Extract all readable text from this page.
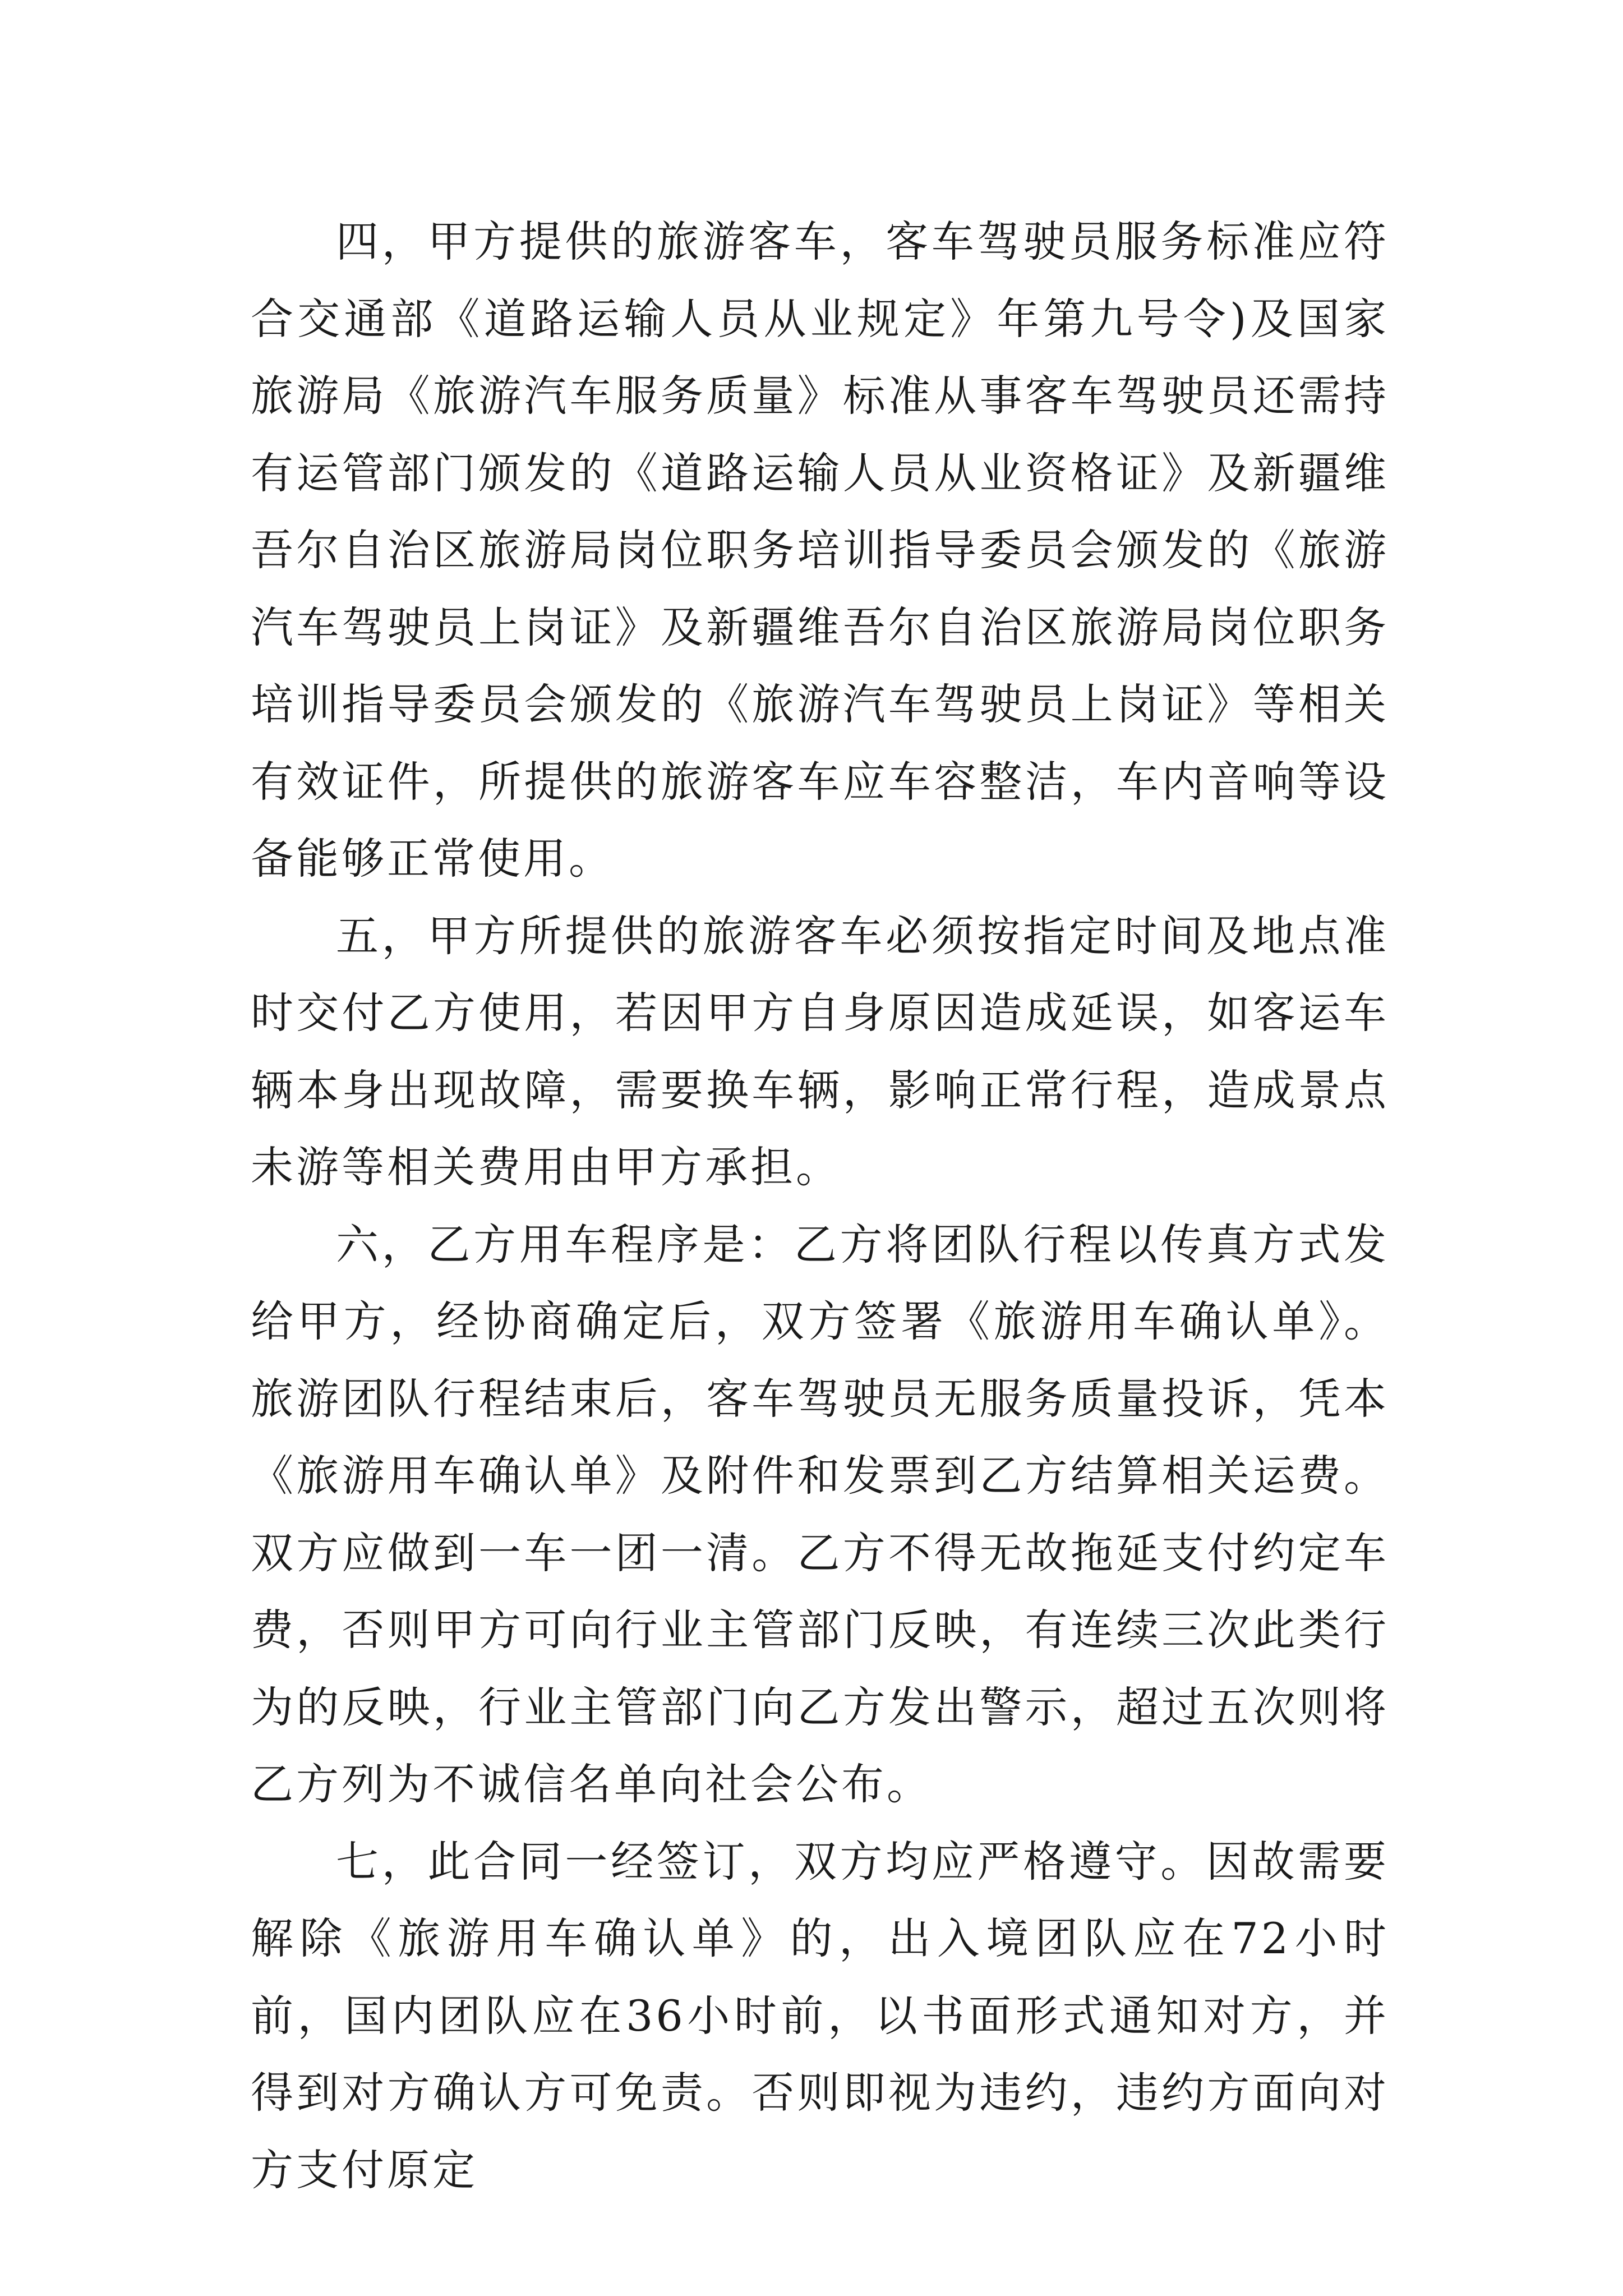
四，甲方提供的旅游客车，客车驾驶员服务标准应符合交通部《道路运输人员从业规定》年第九号令)及国家旅游局《旅游汽车服务质量》标准从事客车驾驶员还需持有运管部门颁发的《道路运输人员从业资格证》及新疆维吾尔自治区旅游局岗位职务培训指导委员会颁发的《旅游汽车驾驶员上岗证》及新疆维吾尔自治区旅游局岗位职务培训指导委员会颁发的《旅游汽车驾驶员上岗证》等相关有效证件，所提供的旅游客车应车容整洁，车内音响等设备能够正常使用。

五，甲方所提供的旅游客车必须按指定时间及地点准时交付乙方使用，若因甲方自身原因造成延误，如客运车辆本身出现故障，需要换车辆，影响正常行程，造成景点未游等相关费用由甲方承担。

六，乙方用车程序是：乙方将团队行程以传真方式发给甲方，经协商确定后，双方签署《旅游用车确认单》。旅游团队行程结束后，客车驾驶员无服务质量投诉，凭本《旅游用车确认单》及附件和发票到乙方结算相关运费。双方应做到一车一团一清。乙方不得无故拖延支付约定车费，否则甲方可向行业主管部门反映，有连续三次此类行为的反映，行业主管部门向乙方发出警示，超过五次则将乙方列为不诚信名单向社会公布。

七，此合同一经签订，双方均应严格遵守。因故需要解除《旅游用车确认单》的，出入境团队应在72小时前，国内团队应在36小时前，以书面形式通知对方，并得到对方确认方可免责。否则即视为违约，违约方面向对方支付原定
